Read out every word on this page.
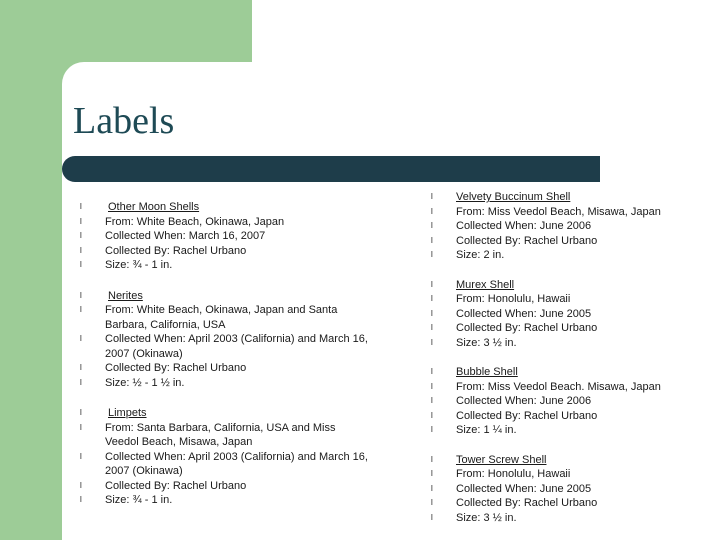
Labels
l Other Moon Shells
l From: White Beach, Okinawa, Japan
l Collected When: March 16, 2007
l Collected By: Rachel Urbano
l Size: ¾ - 1 in.
l Nerites
l From: White Beach, Okinawa, Japan and Santa Barbara, California, USA
l Collected When: April 2003 (California) and March 16, 2007 (Okinawa)
l Collected By: Rachel Urbano
l Size: ½ - 1 ½ in.
l Limpets
l From: Santa Barbara, California, USA and Miss Veedol Beach, Misawa, Japan
l Collected When: April 2003 (California) and March 16, 2007 (Okinawa)
l Collected By: Rachel Urbano
l Size: ¾ - 1 in.
l Velvety Buccinum Shell
l From: Miss Veedol Beach, Misawa, Japan
l Collected When: June 2006
l Collected By: Rachel Urbano
l Size: 2 in.
l Murex Shell
l From: Honolulu, Hawaii
l Collected When: June 2005
l Collected By: Rachel Urbano
l Size: 3 ½ in.
l Bubble Shell
l From: Miss Veedol Beach. Misawa, Japan
l Collected When: June 2006
l Collected By: Rachel Urbano
l Size: 1 ¼ in.
l Tower Screw Shell
l From: Honolulu, Hawaii
l Collected When: June 2005
l Collected By: Rachel Urbano
l Size: 3 ½ in.
